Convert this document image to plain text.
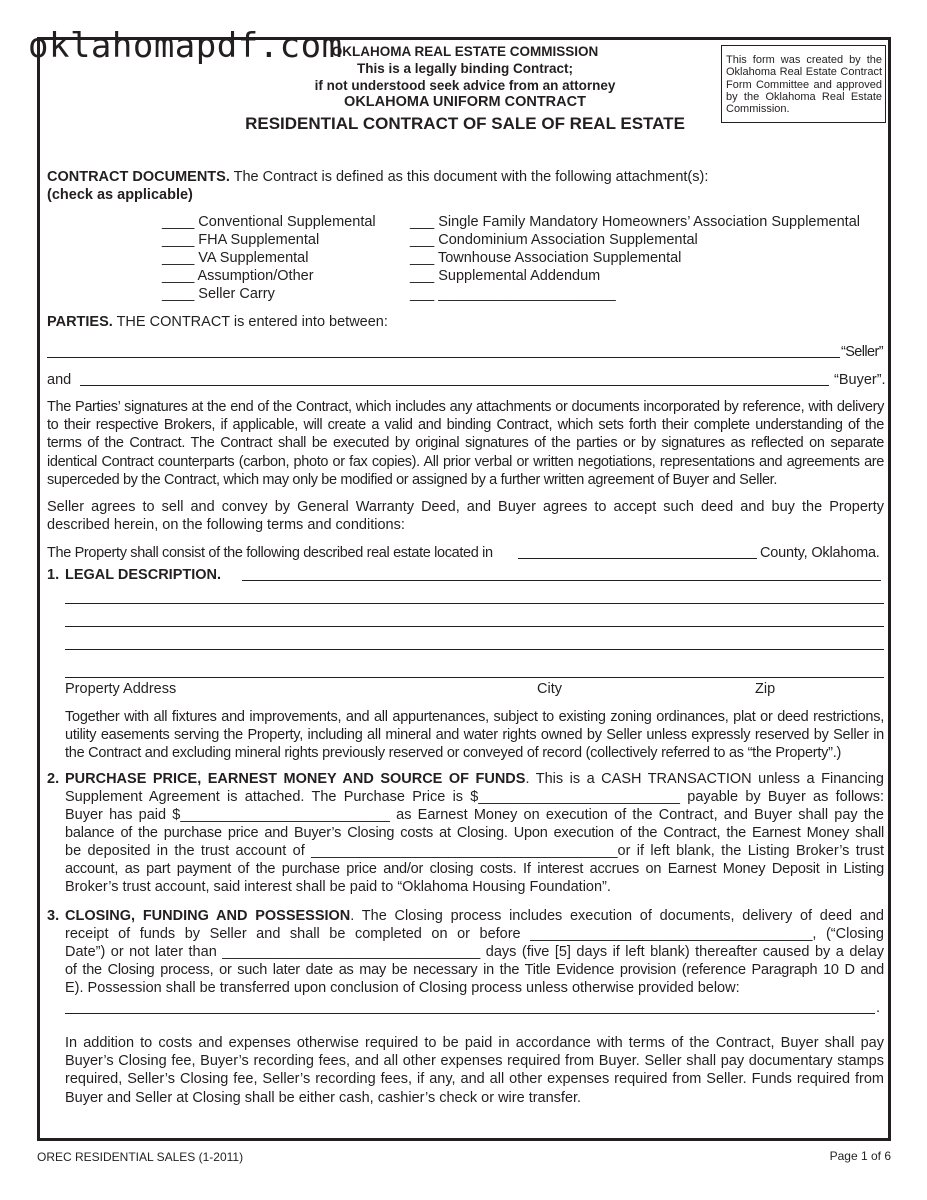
oklahomapdf.com
OKLAHOMA REAL ESTATE COMMISSION
This is a legally binding Contract;
if not understood seek advice from an attorney
OKLAHOMA UNIFORM CONTRACT
RESIDENTIAL CONTRACT OF SALE OF REAL ESTATE
This form was created by the Oklahoma Real Estate Contract Form Committee and approved by the Oklahoma Real Estate Commission.
CONTRACT DOCUMENTS. The Contract is defined as this document with the following attachment(s):
(check as applicable)
____ Conventional Supplemental
____ FHA Supplemental
____ VA Supplemental
____ Assumption/Other
____ Seller Carry
___ Single Family Mandatory Homeowners’ Association Supplemental
___ Condominium Association Supplemental
___ Townhouse Association Supplemental
___ Supplemental Addendum
___ ______________________
PARTIES. THE CONTRACT is entered into between:
“Seller”
and	“Buyer”.
The Parties’ signatures at the end of the Contract, which includes any attachments or documents incorporated by reference, with delivery to their respective Brokers, if applicable, will create a valid and binding Contract, which sets forth their complete understanding of the terms of the Contract. The Contract shall be executed by original signatures of the parties or by signatures as reflected on separate identical Contract counterparts (carbon, photo or fax copies). All prior verbal or written negotiations, representations and agreements are superceded by the Contract, which may only be modified or assigned by a further written agreement of Buyer and Seller.
Seller agrees to sell and convey by General Warranty Deed, and Buyer agrees to accept such deed and buy the Property described herein, on the following terms and conditions:
The Property shall consist of the following described real estate located in	County, Oklahoma.
1. LEGAL DESCRIPTION.
Property Address	City	Zip
Together with all fixtures and improvements, and all appurtenances, subject to existing zoning ordinances, plat or deed restrictions, utility easements serving the Property, including all mineral and water rights owned by Seller unless expressly reserved by Seller in the Contract and excluding mineral rights previously reserved or conveyed of record (collectively referred to as “the Property”.)
2. PURCHASE PRICE, EARNEST MONEY AND SOURCE OF FUNDS. This is a CASH TRANSACTION unless a Financing
Supplement Agreement is attached. The Purchase Price is $_________________________ payable by Buyer as follows:
Buyer has paid $__________________________ as Earnest Money on execution of the Contract, and Buyer shall pay the
balance of the purchase price and Buyer’s Closing costs at Closing. Upon execution of the Contract, the Earnest Money shall
be deposited in the trust account of ______________________________________or if left blank, the Listing Broker’s trust
account, as part payment of the purchase price and/or closing costs. If interest accrues on Earnest Money Deposit in Listing
Broker’s trust account, said interest shall be paid to “Oklahoma Housing Foundation”.
3. CLOSING, FUNDING AND POSSESSION. The Closing process includes execution of documents, delivery of deed and
receipt of funds by Seller and shall be completed on or before ___________________________________, (“Closing
Date”) or not later than ________________________________ days (five [5] days if left blank) thereafter caused by a delay
of the Closing process, or such later date as may be necessary in the Title Evidence provision (reference Paragraph 10 D and
E). Possession shall be transferred upon conclusion of Closing process unless otherwise provided below:
.
In addition to costs and expenses otherwise required to be paid in accordance with terms of the Contract, Buyer shall pay Buyer’s Closing fee, Buyer’s recording fees, and all other expenses required from Buyer. Seller shall pay documentary stamps required, Seller’s Closing fee, Seller’s recording fees, if any, and all other expenses required from Seller. Funds required from Buyer and Seller at Closing shall be either cash, cashier’s check or wire transfer.
OREC RESIDENTIAL SALES (1-2011)	Page 1 of 6
